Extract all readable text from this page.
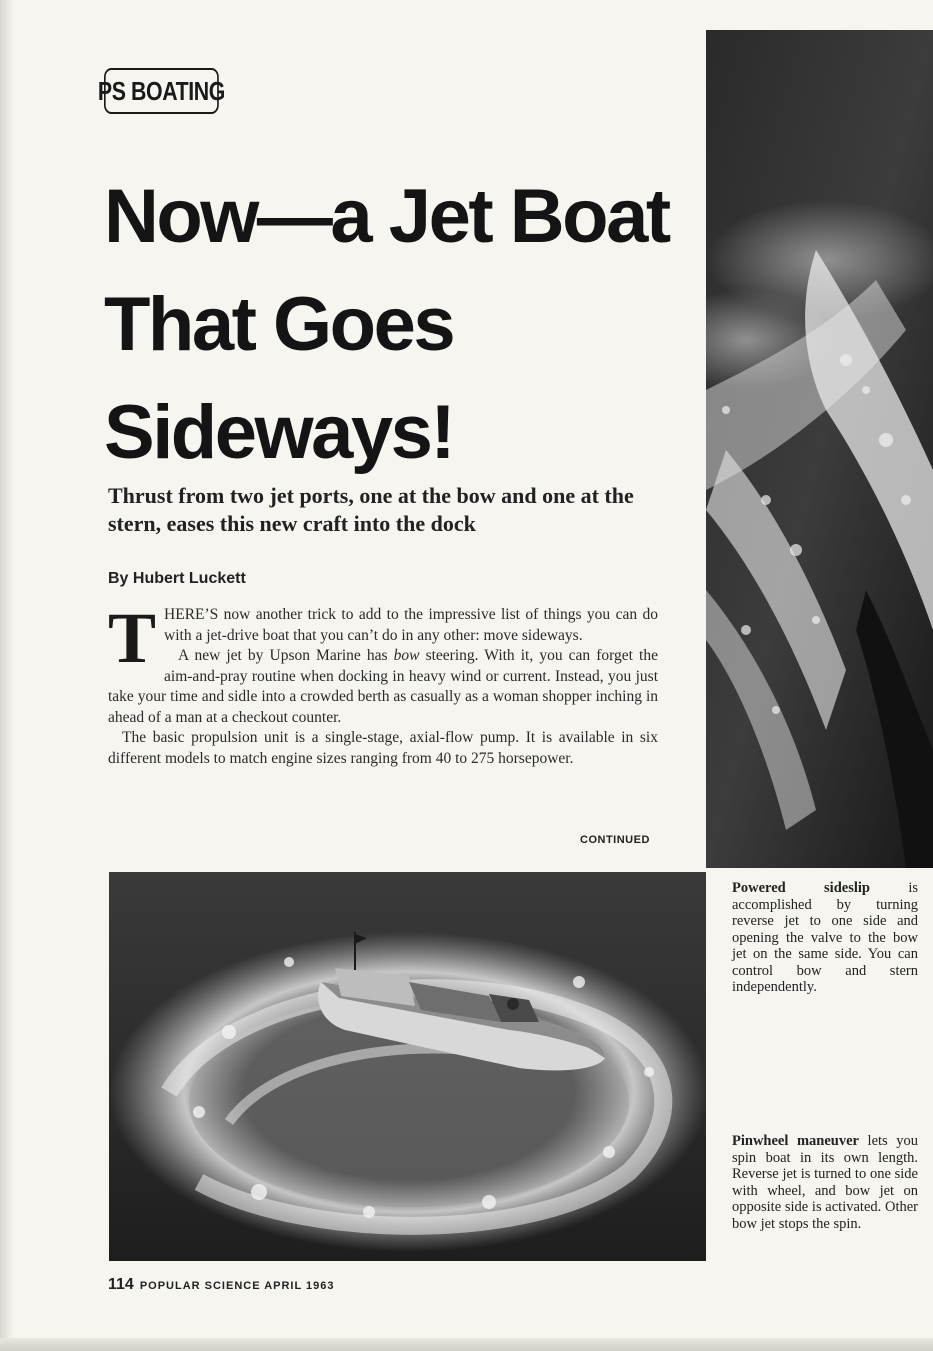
PS BOATING
Now—a Jet Boat
That Goes
Sideways!

Thrust from two jet ports, one at the bow and one at the stern, eases this new craft into the dock

By Hubert Luckett

T HERE’S now another trick to add to the impressive list of things you can do with a jet-drive boat that you can’t do in any other: move sideways.

A new jet by Upson Marine has bow steering. With it, you can forget the aim-and-pray routine when docking in heavy wind or current. Instead, you just take your time and sidle into a crowded berth as casually as a woman shopper inching in ahead of a man at a checkout counter.

The basic propulsion unit is a single-stage, axial-flow pump. It is available in six different models to match engine sizes ranging from 40 to 275 horsepower.

CONTINUED
Powered sideslip is accomplished by turning reverse jet to one side and opening the valve to the bow jet on the same side. You can control bow and stern independently.
Pinwheel maneuver lets you spin boat in its own length. Reverse jet is turned to one side with wheel, and bow jet on opposite side is activated. Other bow jet stops the spin.
114 POPULAR SCIENCE APRIL 1963
